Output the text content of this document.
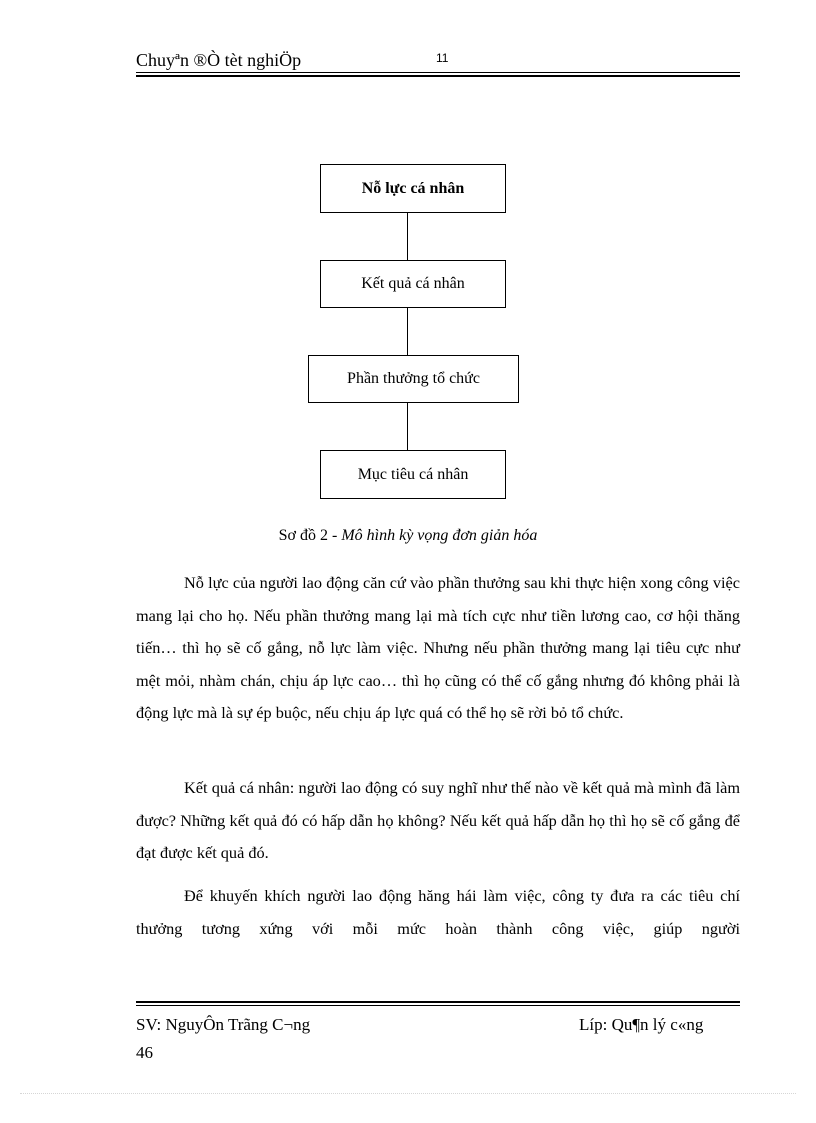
Chuyªn ®Ò tèt nghiÖp	11
Nỗ lực cá nhân
Kết quả cá nhân
Phần thưởng tổ chức
Mục tiêu cá nhân
Sơ đồ 2 - Mô hình kỳ vọng đơn giản hóa

Nỗ lực của người lao động căn cứ vào phần thưởng sau khi thực hiện xong công việc mang lại cho họ. Nếu phần thưởng mang lại mà tích cực như tiền lương cao, cơ hội thăng tiến… thì họ sẽ cố gắng, nỗ lực làm việc. Nhưng nếu phần thưởng mang lại tiêu cực như mệt mỏi, nhàm chán, chịu áp lực cao… thì họ cũng có thể cố gắng nhưng đó không phải là động lực mà là sự ép buộc, nếu chịu áp lực quá có thể họ sẽ rời bỏ tổ chức.

Kết quả cá nhân: người lao động có suy nghĩ như thế nào về kết quả mà mình đã làm được? Những kết quả đó có hấp dẫn họ không? Nếu kết quả hấp dẫn họ thì họ sẽ cố gắng để đạt được kết quả đó.

Để khuyến khích người lao động hăng hái làm việc, công ty đưa ra các tiêu chí thưởng tương xứng với mỗi mức hoàn thành công việc, giúp người

SV: NguyÔn Trãng C¬ng	Líp: Qu¶n lý c«ng
46
